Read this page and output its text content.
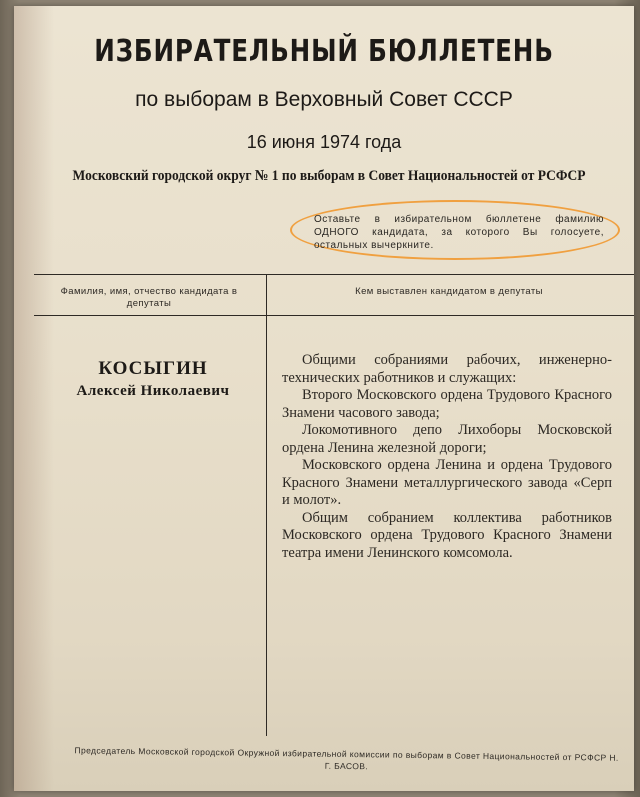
ИЗБИРАТЕЛЬНЫЙ БЮЛЛЕТЕНЬ
по выборам в Верховный Совет СССР
16 июня 1974 года
Московский городской округ № 1 по выборам в Совет Национальностей от РСФСР
Оставьте в избирательном бюллетене фамилию ОДНОГО кандидата, за которого Вы голосуете, остальных вычеркните.
Фамилия, имя, отчество кандидата в депутаты
Кем выставлен кандидатом в депутаты
КОСЫГИН
Алексей Николаевич

Общими собраниями рабочих, инженерно-технических работников и служащих:

Второго Московского ордена Трудового Красного Знамени часового завода;

Локомотивного депо Лихоборы Московской ордена Ленина железной дороги;

Московского ордена Ленина и ордена Трудового Красного Знамени металлургического завода «Серп и молот».

Общим собранием коллектива работников Московского ордена Трудового Красного Знамени театра имени Ленинского комсомола.

Председатель Московской городской Окружной избирательной комиссии по выборам в Совет Национальностей от РСФСР Н. Г. БАСОВ.
